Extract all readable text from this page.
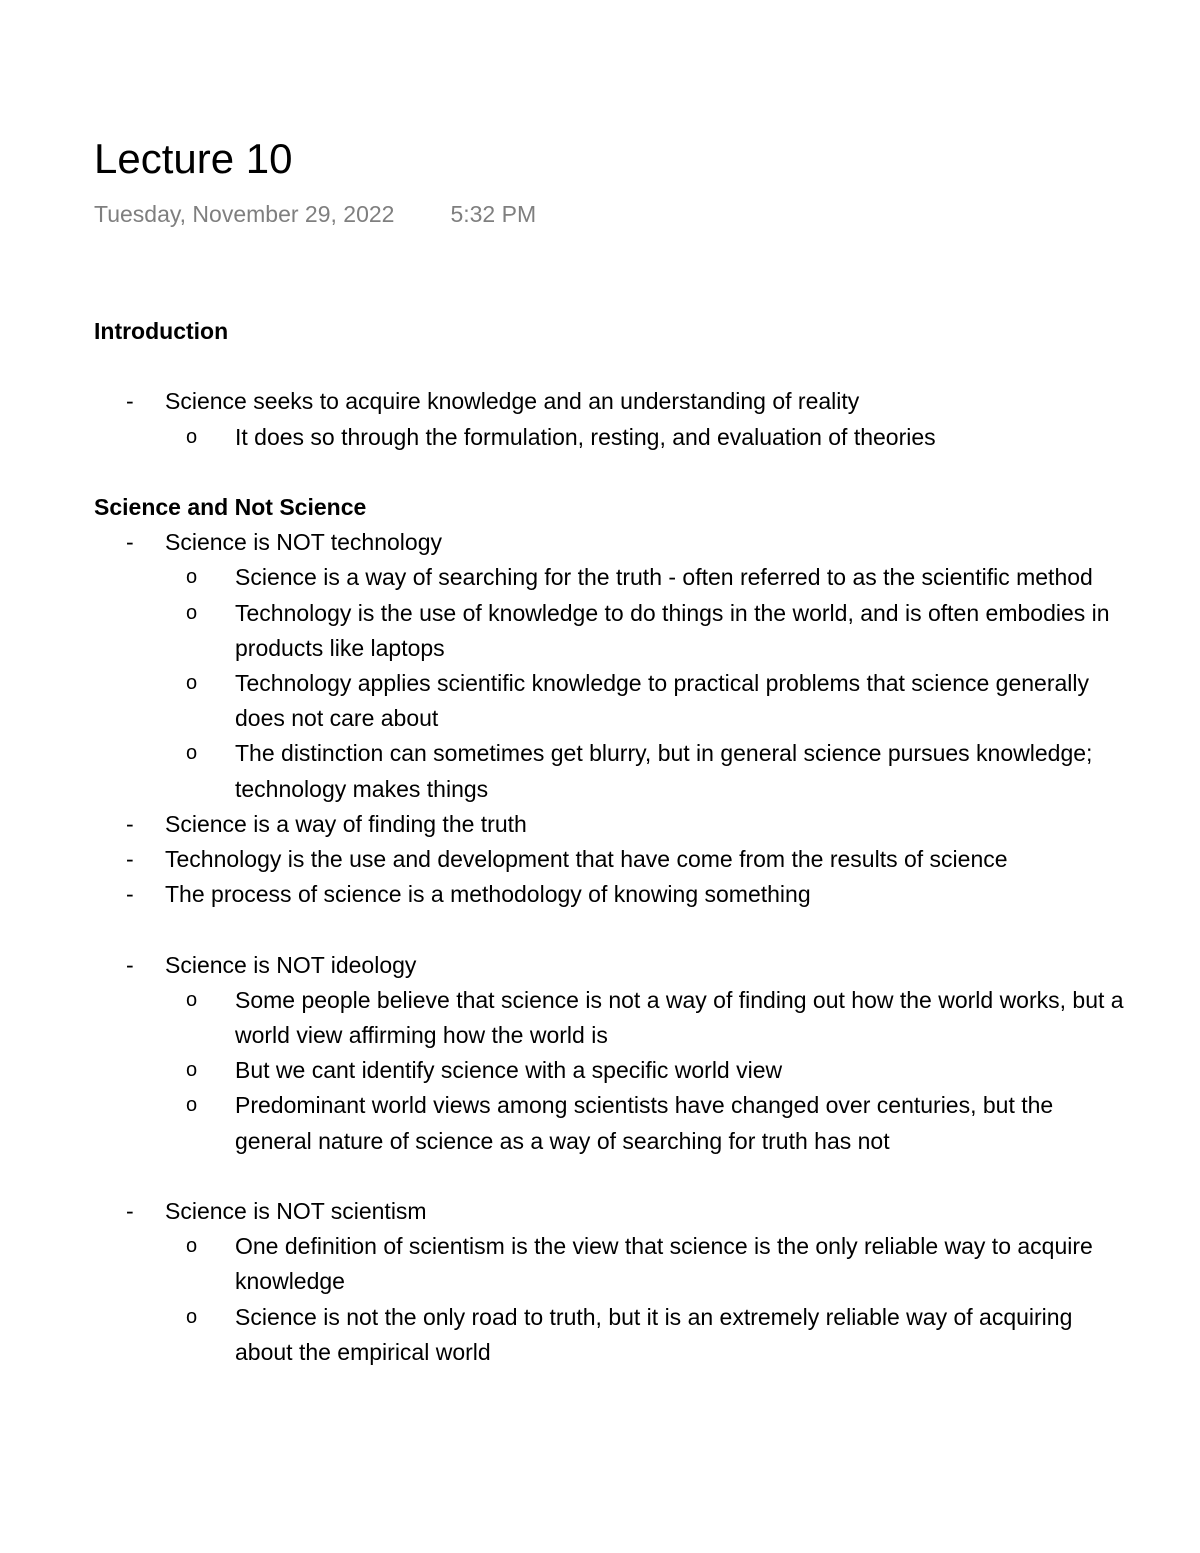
Lecture 10
Tuesday, November 29, 2022 5:32 PM
Introduction
-	Science seeks to acquire knowledge and an understanding of reality
o	It does so through the formulation, resting, and evaluation of theories
Science and Not Science
-	Science is NOT technology
o	Science is a way of searching for the truth - often referred to as the scientific method
o	Technology is the use of knowledge to do things in the world, and is often embodies in products like laptops
o	Technology applies scientific knowledge to practical problems that science generally does not care about
o	The distinction can sometimes get blurry, but in general science pursues knowledge; technology makes things
-	Science is a way of finding the truth
-	Technology is the use and development that have come from the results of science
-	The process of science is a methodology of knowing something
-	Science is NOT ideology
o	Some people believe that science is not a way of finding out how the world works, but a world view affirming how the world is
o	But we cant identify science with a specific world view
o	Predominant world views among scientists have changed over centuries, but the general nature of science as a way of searching for truth has not
-	Science is NOT scientism
o	One definition of scientism is the view that science is the only reliable way to acquire knowledge
o	Science is not the only road to truth, but it is an extremely reliable way of acquiring about the empirical world
